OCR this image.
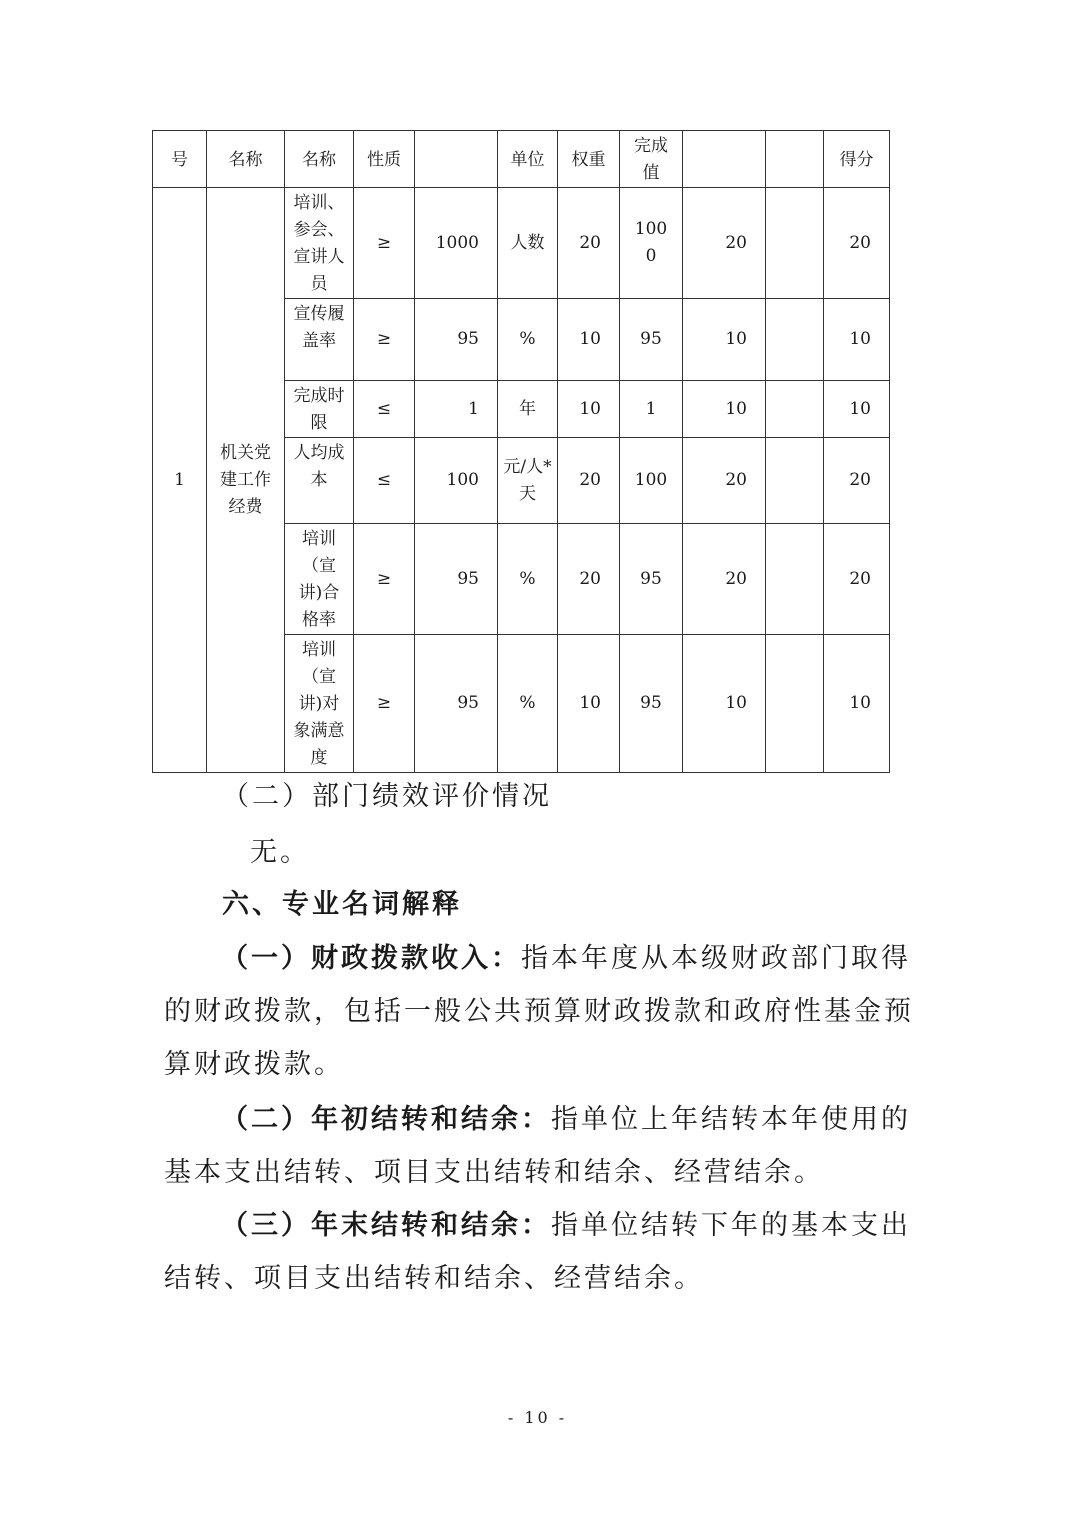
号	名称	名称	性质		单位	权重	完成值			得分
1	机关党建工作经费	培训、参会、宣讲人员	≥	1000	人数	20	1000	20		20

		宣传履盖率	≥	95	%	10	95	10		10

		完成时限	≤	1	年	10	1	10		10

		人均成本	≤	100	元/人*天	20	100	20		20

		培训（宣讲)合格率	≥	95	%	20	95	20		20

		培训（宣讲)对象满意度	≥	95	%	10	95	10		10

（二）部门绩效评价情况

无。

六、专业名词解释

（一）财政拨款收入：指本年度从本级财政部门取得的财政拨款，包括一般公共预算财政拨款和政府性基金预算财政拨款。

（二）年初结转和结余：指单位上年结转本年使用的基本支出结转、项目支出结转和结余、经营结余。

（三）年末结转和结余：指单位结转下年的基本支出结转、项目支出结转和结余、经营结余。

- 10 -
